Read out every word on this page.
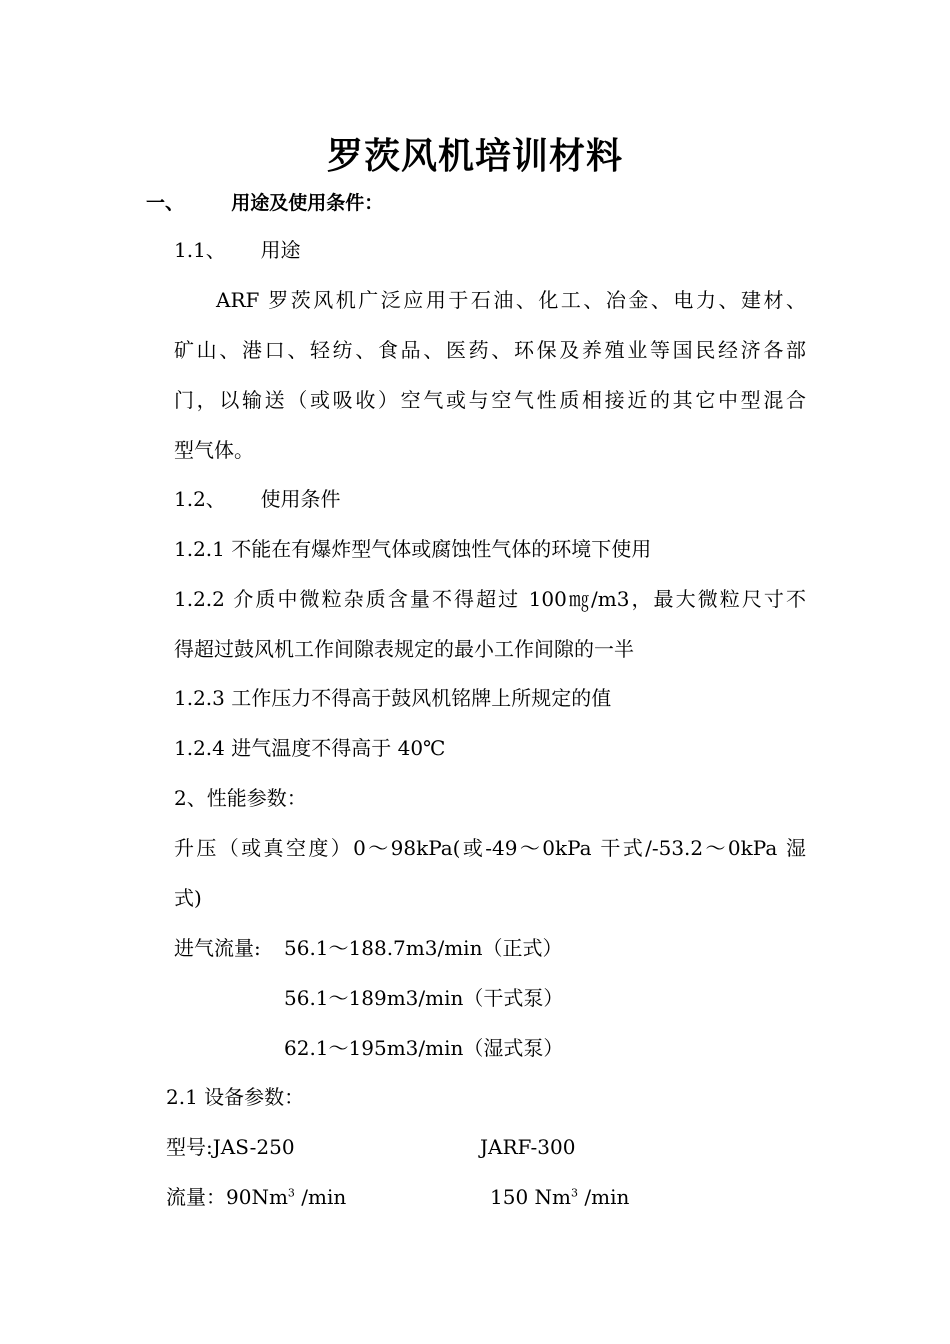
罗茨风机培训材料
一、 用途及使用条件：
1.1、 用途
ARF 罗茨风机广泛应用于石油、化工、冶金、电力、建材、
矿山、港口、轻纺、食品、医药、环保及养殖业等国民经济各部
门，以输送（或吸收）空气或与空气性质相接近的其它中型混合
型气体。
1.2、 使用条件
1.2.1 不能在有爆炸型气体或腐蚀性气体的环境下使用
1.2.2 介质中微粒杂质含量不得超过 100㎎/m3，最大微粒尺寸不
得超过鼓风机工作间隙表规定的最小工作间隙的一半
1.2.3 工作压力不得高于鼓风机铭牌上所规定的值
1.2.4 进气温度不得高于 40℃
2、性能参数：
升压（或真空度）0～98kPa(或-49～0kPa 干式/-53.2～0kPa 湿
式)
进气流量: 56.1～188.7m3/min（正式）
56.1～189m3/min（干式泵）
62.1～195m3/min（湿式泵）
2.1 设备参数：
型号:JAS-250	JARF-300
流量：90Nm$^3$ /min	150 Nm$^3$ /min
